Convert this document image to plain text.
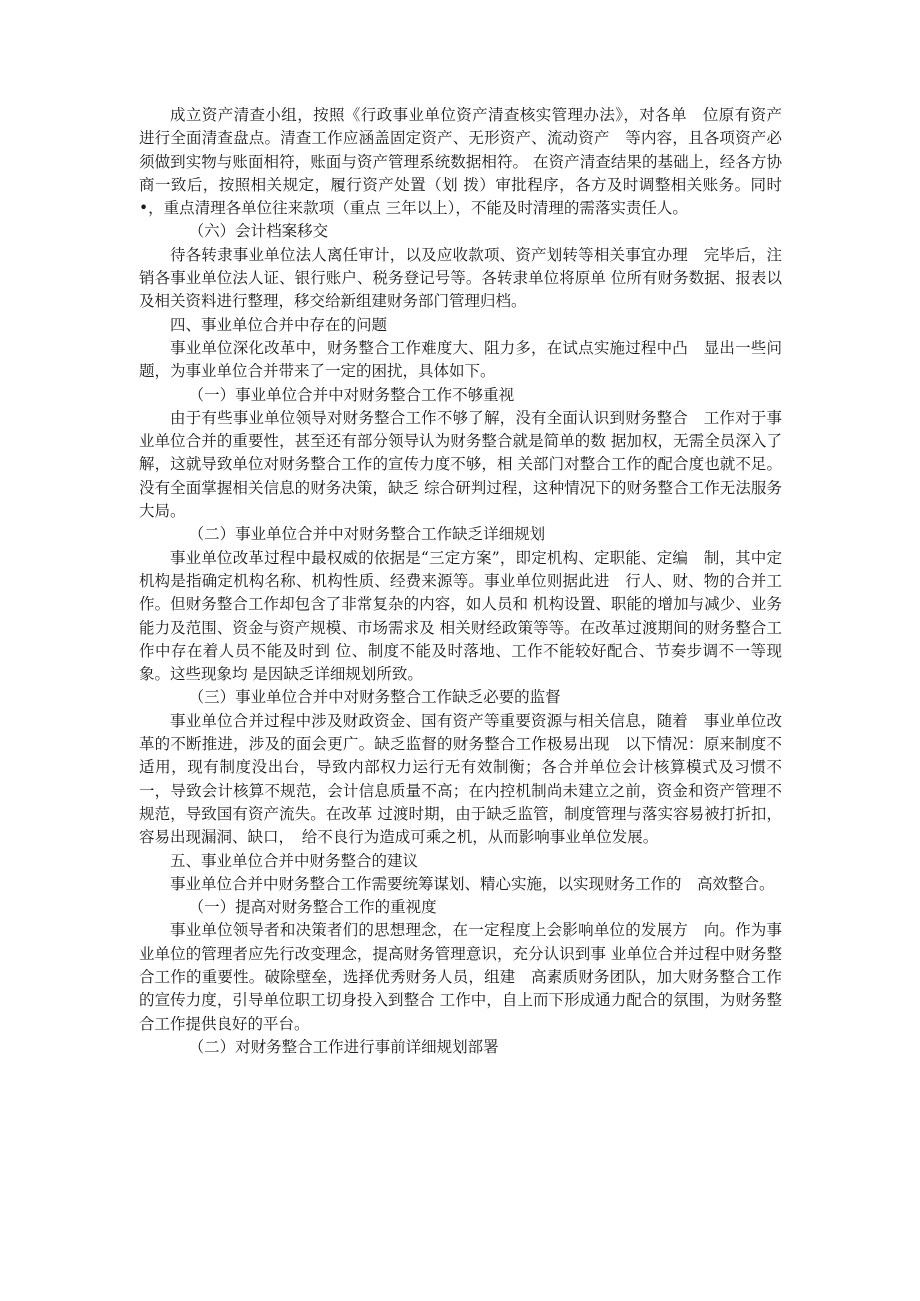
成立资产清查小组，按照《行政事业单位资产清查核实管理办法》，对各单　位原有资产进行全面清查盘点。清查工作应涵盖固定资产、无形资产、流动资产　等内容，且各项资产必须做到实物与账面相符，账面与资产管理系统数据相符。 在资产清查结果的基础上，经各方协商一致后，按照相关规定，履行资产处置（划 拨）审批程序，各方及时调整相关账务。同时•，重点清理各单位往来款项（重点 三年以上），不能及时清理的需落实责任人。

（六）会计档案移交

待各转隶事业单位法人离任审计，以及应收款项、资产划转等相关事宜办理　完毕后，注销各事业单位法人证、银行账户、税务登记号等。各转隶单位将原单 位所有财务数据、报表以及相关资料进行整理，移交给新组建财务部门管理归档。

四、事业单位合并中存在的问题

事业单位深化改革中，财务整合工作难度大、阻力多，在试点实施过程中凸　显出一些问题，为事业单位合并带来了一定的困扰，具体如下。

（一）事业单位合并中对财务整合工作不够重视

由于有些事业单位领导对财务整合工作不够了解，没有全面认识到财务整合　工作对于事业单位合并的重要性，甚至还有部分领导认为财务整合就是简单的数 据加权，无需全员深入了解，这就导致单位对财务整合工作的宣传力度不够，相 关部门对整合工作的配合度也就不足。没有全面掌握相关信息的财务决策，缺乏 综合研判过程，这种情况下的财务整合工作无法服务大局。

（二）事业单位合并中对财务整合工作缺乏详细规划

事业单位改革过程中最权威的依据是“三定方案”，即定机构、定职能、定编　制，其中定机构是指确定机构名称、机构性质、经费来源等。事业单位则据此进　行人、财、物的合并工作。但财务整合工作却包含了非常复杂的内容，如人员和 机构设置、职能的增加与减少、业务能力及范围、资金与资产规模、市场需求及 相关财经政策等等。在改革过渡期间的财务整合工作中存在着人员不能及时到 位、制度不能及时落地、工作不能较好配合、节奏步调不一等现象。这些现象均 是因缺乏详细规划所致。

（三）事业单位合并中对财务整合工作缺乏必要的监督

事业单位合并过程中涉及财政资金、国有资产等重要资源与相关信息，随着　事业单位改革的不断推进，涉及的面会更广。缺乏监督的财务整合工作极易出现　以下情况：原来制度不适用，现有制度没出台，导致内部权力运行无有效制衡；各合并单位会计核算模式及习惯不一，导致会计核算不规范，会计信息质量不高；在内控机制尚未建立之前，资金和资产管理不规范，导致国有资产流失。在改革 过渡时期，由于缺乏监管，制度管理与落实容易被打折扣，容易出现漏洞、缺口，　给不良行为造成可乘之机，从而影响事业单位发展。

五、事业单位合并中财务整合的建议

事业单位合并中财务整合工作需要统筹谋划、精心实施，以实现财务工作的　高效整合。

（一）提高对财务整合工作的重视度

事业单位领导者和决策者们的思想理念，在一定程度上会影响单位的发展方　向。作为事业单位的管理者应先行改变理念，提高财务管理意识，充分认识到事 业单位合并过程中财务整合工作的重要性。破除壁垒，选择优秀财务人员，组建　高素质财务团队，加大财务整合工作的宣传力度，引导单位职工切身投入到整合 工作中，自上而下形成通力配合的氛围，为财务整合工作提供良好的平台。

（二）对财务整合工作进行事前详细规划部署
